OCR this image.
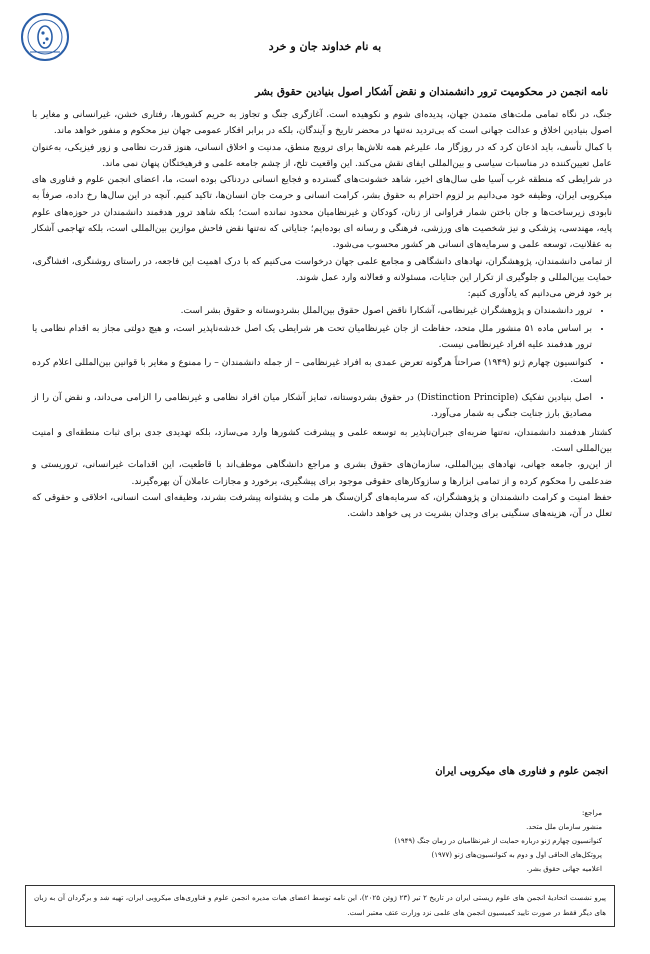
به نام خداوند جان و خرد
نامه انجمن در محکومیت ترور دانشمندان و نقض آشکار اصول بنیادین حقوق بشر

جنگ، در نگاه تمامی ملت‌های متمدن جهان، پدیده‌ای شوم و نکوهیده است. آغازگری جنگ و تجاوز به حریم کشورها، رفتاری خشن، غیرانسانی و مغایر با اصول بنیادین اخلاق و عدالت جهانی است که بی‌تردید نه‌تنها در محضر تاریخ و آیندگان، بلکه در برابر افکار عمومی جهان نیز محکوم و منفور خواهد ماند.

با کمال تأسف، باید اذعان کرد که در روزگار ما، علیرغم همه تلاش‌ها برای ترویج منطق، مدنیت و اخلاق انسانی، هنوز قدرت نظامی و زور فیزیکی، به‌عنوان عامل تعیین‌کننده در مناسبات سیاسی و بین‌المللی ایفای نقش می‌کند. این واقعیت تلخ، از چشم جامعه علمی و فرهیختگان پنهان نمی ماند.

در شرایطی که منطقه غرب آسیا طی سال‌های اخیر، شاهد خشونت‌های گسترده و فجایع انسانی دردناکی بوده است، ما، اعضای انجمن علوم و فناوری های میکروبی ایران، وظیفه خود می‌دانیم بر لزوم احترام به حقوق بشر، کرامت انسانی و حرمت جان انسان‌ها، تاکید کنیم. آنچه در این سال‌ها رخ داده، صرفاً به نابودی زیرساخت‌ها و جان باختن شمار فراوانی از زنان، کودکان و غیرنظامیان محدود نمانده است؛ بلکه شاهد ترور هدفمند دانشمندان در حوزه‌های علوم پایه، مهندسی، پزشکی و نیز شخصیت های ورزشی، فرهنگی و رسانه ای بوده‌ایم؛ جنایاتی که نه‌تنها نقض فاحش موازین بین‌المللی است، بلکه تهاجمی آشکار به عقلانیت، توسعه علمی و سرمایه‌های انسانی هر کشور محسوب می‌شود.

از تمامی دانشمندان، پژوهشگران، نهادهای دانشگاهی و مجامع علمی جهان درخواست می‌کنیم که با درک اهمیت این فاجعه، در راستای روشنگری، افشاگری، حمایت بین‌المللی و جلوگیری از تکرار این جنایات، مسئولانه و فعالانه وارد عمل شوند.

بر خود فرض می‌دانیم که یادآوری کنیم:

• ترور دانشمندان و پژوهشگران غیرنظامی، آشکارا ناقض اصول حقوق بین‌الملل بشردوستانه و حقوق بشر است.
• بر اساس ماده ۵۱ منشور ملل متحد، حفاظت از جان غیرنظامیان تحت هر شرایطی یک اصل خدشه‌ناپذیر است، و هیچ دولتی مجاز به اقدام نظامی یا ترور هدفمند علیه افراد غیرنظامی نیست.
• کنوانسیون چهارم ژنو (۱۹۴۹) صراحتاً هرگونه تعرض عمدی به افراد غیرنظامی – از جمله دانشمندان – را ممنوع و مغایر با قوانین بین‌المللی اعلام کرده است.
• اصل بنیادین تفکیک (Distinction Principle) در حقوق بشردوستانه، تمایز آشکار میان افراد نظامی و غیرنظامی را الزامی می‌داند، و نقض آن را از مصادیق بارز جنایت جنگی به شمار می‌آورد.

کشتار هدفمند دانشمندان، نه‌تنها ضربه‌ای جبران‌ناپذیر به توسعه علمی و پیشرفت کشورها وارد می‌سازد، بلکه تهدیدی جدی برای ثبات منطقه‌ای و امنیت بین‌المللی است.

از این‌رو، جامعه جهانی، نهادهای بین‌المللی، سازمان‌های حقوق بشری و مراجع دانشگاهی موظف‌اند با قاطعیت، این اقدامات غیرانسانی، تروریستی و ضدعلمی را محکوم کرده و از تمامی ابزارها و سازوکارهای حقوقی موجود برای پیشگیری، برخورد و مجازات عاملان آن بهره‌گیرند.

حفظ امنیت و کرامت دانشمندان و پژوهشگران، که سرمایه‌های گران‌سنگ هر ملت و پشتوانه پیشرفت بشرند، وظیفه‌ای است انسانی، اخلاقی و حقوقی که تعلل در آن، هزینه‌های سنگینی برای وجدان بشریت در پی خواهد داشت.

انجمن علوم و فناوری های میکروبی ایران
مراجع:
منشور سازمان ملل متحد.
کنوانسیون چهارم ژنو درباره حمایت از غیرنظامیان در زمان جنگ (۱۹۴۹)
پروتکل‌های الحاقی اول و دوم به کنوانسیون‌های ژنو (۱۹۷۷)
اعلامیه جهانی حقوق بشر.
پیرو نشست اتحادیهٔ انجمن های علوم زیستی ایران در تاریخ ۲ تیر (۲۳ ژوئن ۲۰۲۵)، این نامه توسط اعضای هیات مدیره انجمن علوم و فناوری‌های میکروبی ایران، تهیه شد و برگردان آن به زبان های دیگر فقط در صورت تایید کمیسیون انجمن های علمی نزد وزارت عتف معتبر است.
